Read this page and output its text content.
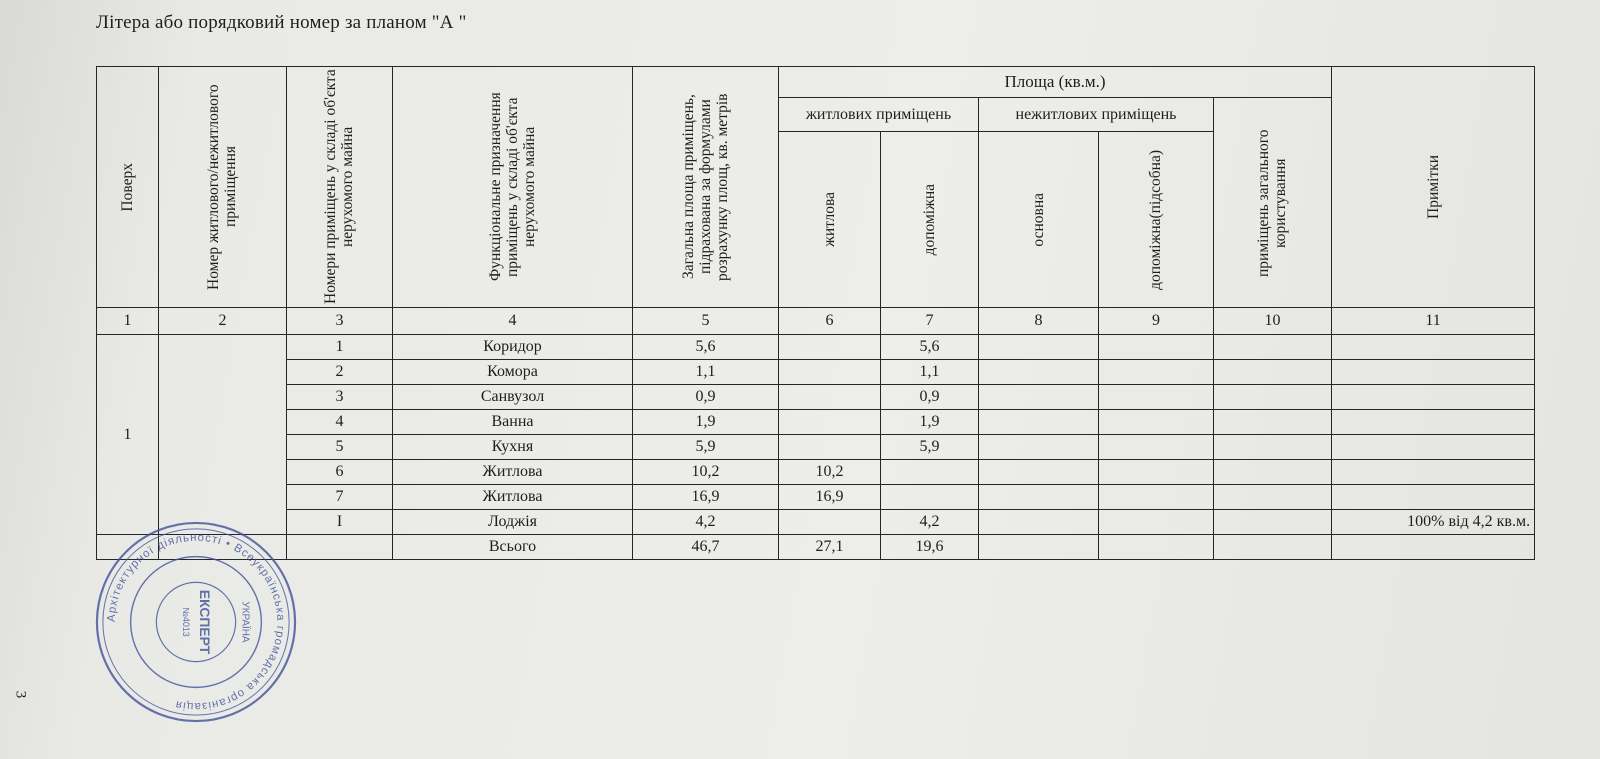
Літера або порядковий номер за планом "А "
Поверх	Номер житлового/нежитлового приміщення	Номери приміщень у складі об'єкта нерухомого майна	Функціональне призначення приміщень у складі об'єкта нерухомого майна	Загальна площа приміщень, підрахована за формулами розрахунку площ, кв. метрів	Площа (кв.м.)					Примітки

					житлових приміщень		нежитлових приміщень		приміщень загального користування	

					житлова	допоміжна	основна	допоміжна(підсобна)		

1	2	3	4	5	6	7	8	9	10	11
1		1	Коридор	5,6		5,6				
		2	Комора	1,1		1,1				
		3	Санвузол	0,9		0,9				
		4	Ванна	1,9		1,9				
		5	Кухня	5,9		5,9				
		6	Житлова	10,2	10,2					
		7	Житлова	16,9	16,9					
		І	Лоджія	4,2		4,2				100% від 4,2 кв.м.
			Всього	46,7	27,1	19,6				
Архітектурної діяльності • Всеукраїнська громадська організація
ЕКСПЕРТ
№4013	УКРАЇНА
3
